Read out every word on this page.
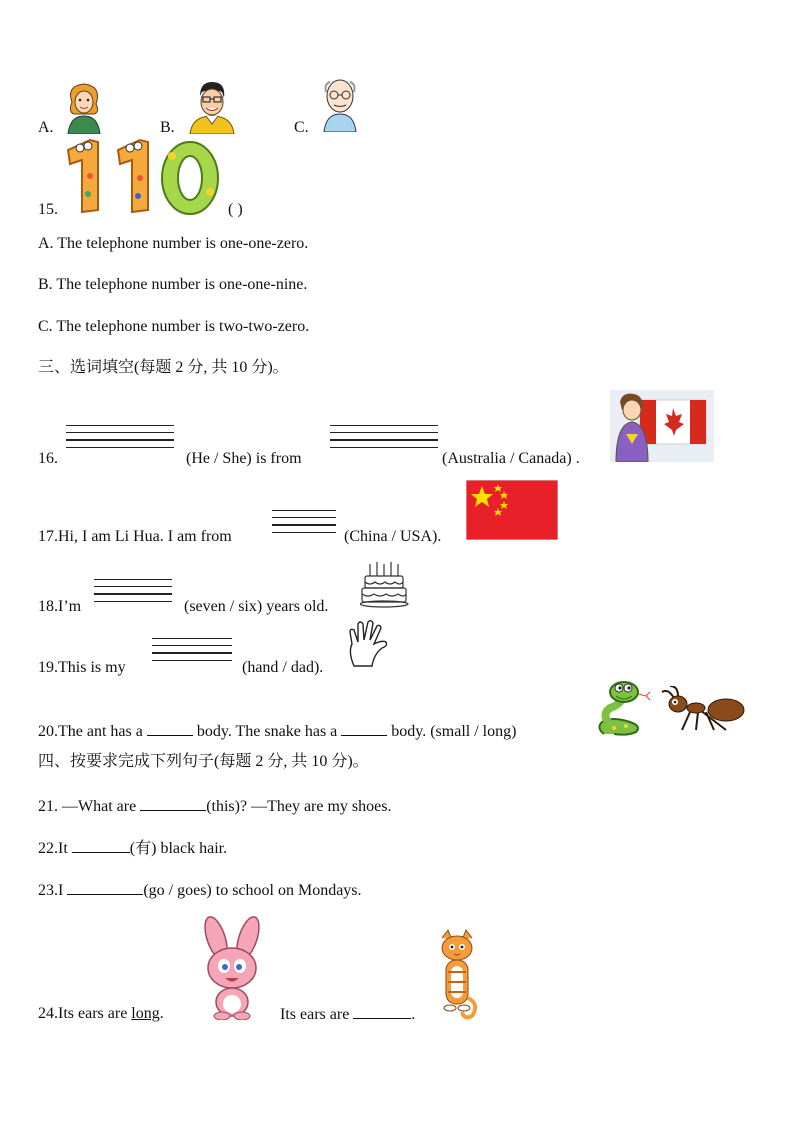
A.	B.	C.
15.	( )
A. The telephone number is one-one-zero.
B. The telephone number is one-one-nine.
C. The telephone number is two-two-zero.
三、选词填空(每题 2 分, 共 10 分)。
16.	(He / She) is from	(Australia / Canada) .
17.Hi, I am Li Hua. I am from	(China / USA).
18.I’m	(seven / six) years old.
19.This is my	(hand / dad).
20.The ant has a	body. The snake has a	body. (small / long)
四、按要求完成下列句子(每题 2 分, 共 10 分)。
21. —What are	(this)? —They are my shoes.
22.It	(有) black hair.
23.I	(go / goes) to school on Mondays.
24.Its ears are long.	Its ears are	.
